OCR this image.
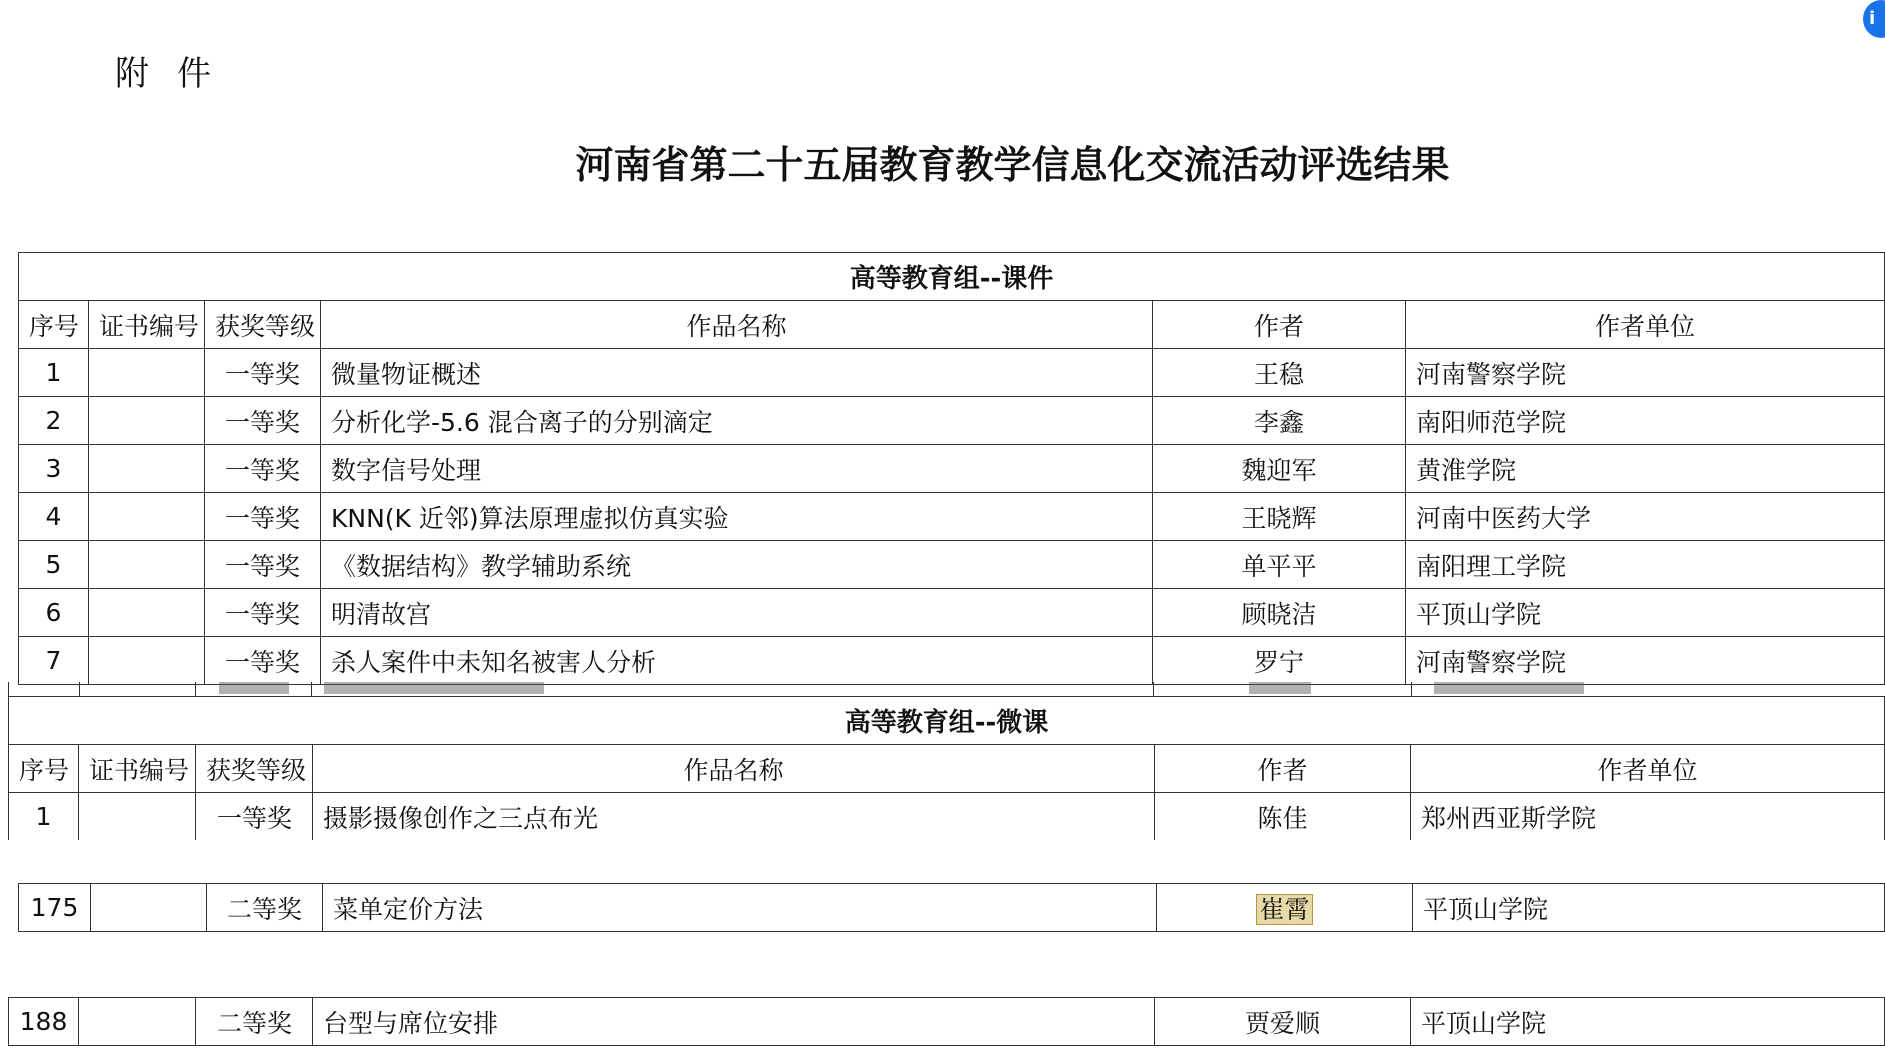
附件
河南省第二十五届教育教学信息化交流活动评选结果
i
高等教育组--课件					
序号	证书编号	获奖等级	作品名称	作者	作者单位
1		一等奖	微量物证概述	王稳	河南警察学院
2		一等奖	分析化学-5.6 混合离子的分别滴定	李鑫	南阳师范学院
3		一等奖	数字信号处理	魏迎军	黄淮学院
4		一等奖	KNN(K 近邻)算法原理虚拟仿真实验	王晓辉	河南中医药大学
5		一等奖	《数据结构》教学辅助系统	单平平	南阳理工学院
6		一等奖	明清故宫	顾晓洁	平顶山学院
7		一等奖	杀人案件中未知名被害人分析	罗宁	河南警察学院
高等教育组--微课					
序号	证书编号	获奖等级	作品名称	作者	作者单位
1		一等奖	摄影摄像创作之三点布光	陈佳	郑州西亚斯学院
175		二等奖	菜单定价方法	崔霄	平顶山学院
188		二等奖	台型与席位安排	贾爱顺	平顶山学院
